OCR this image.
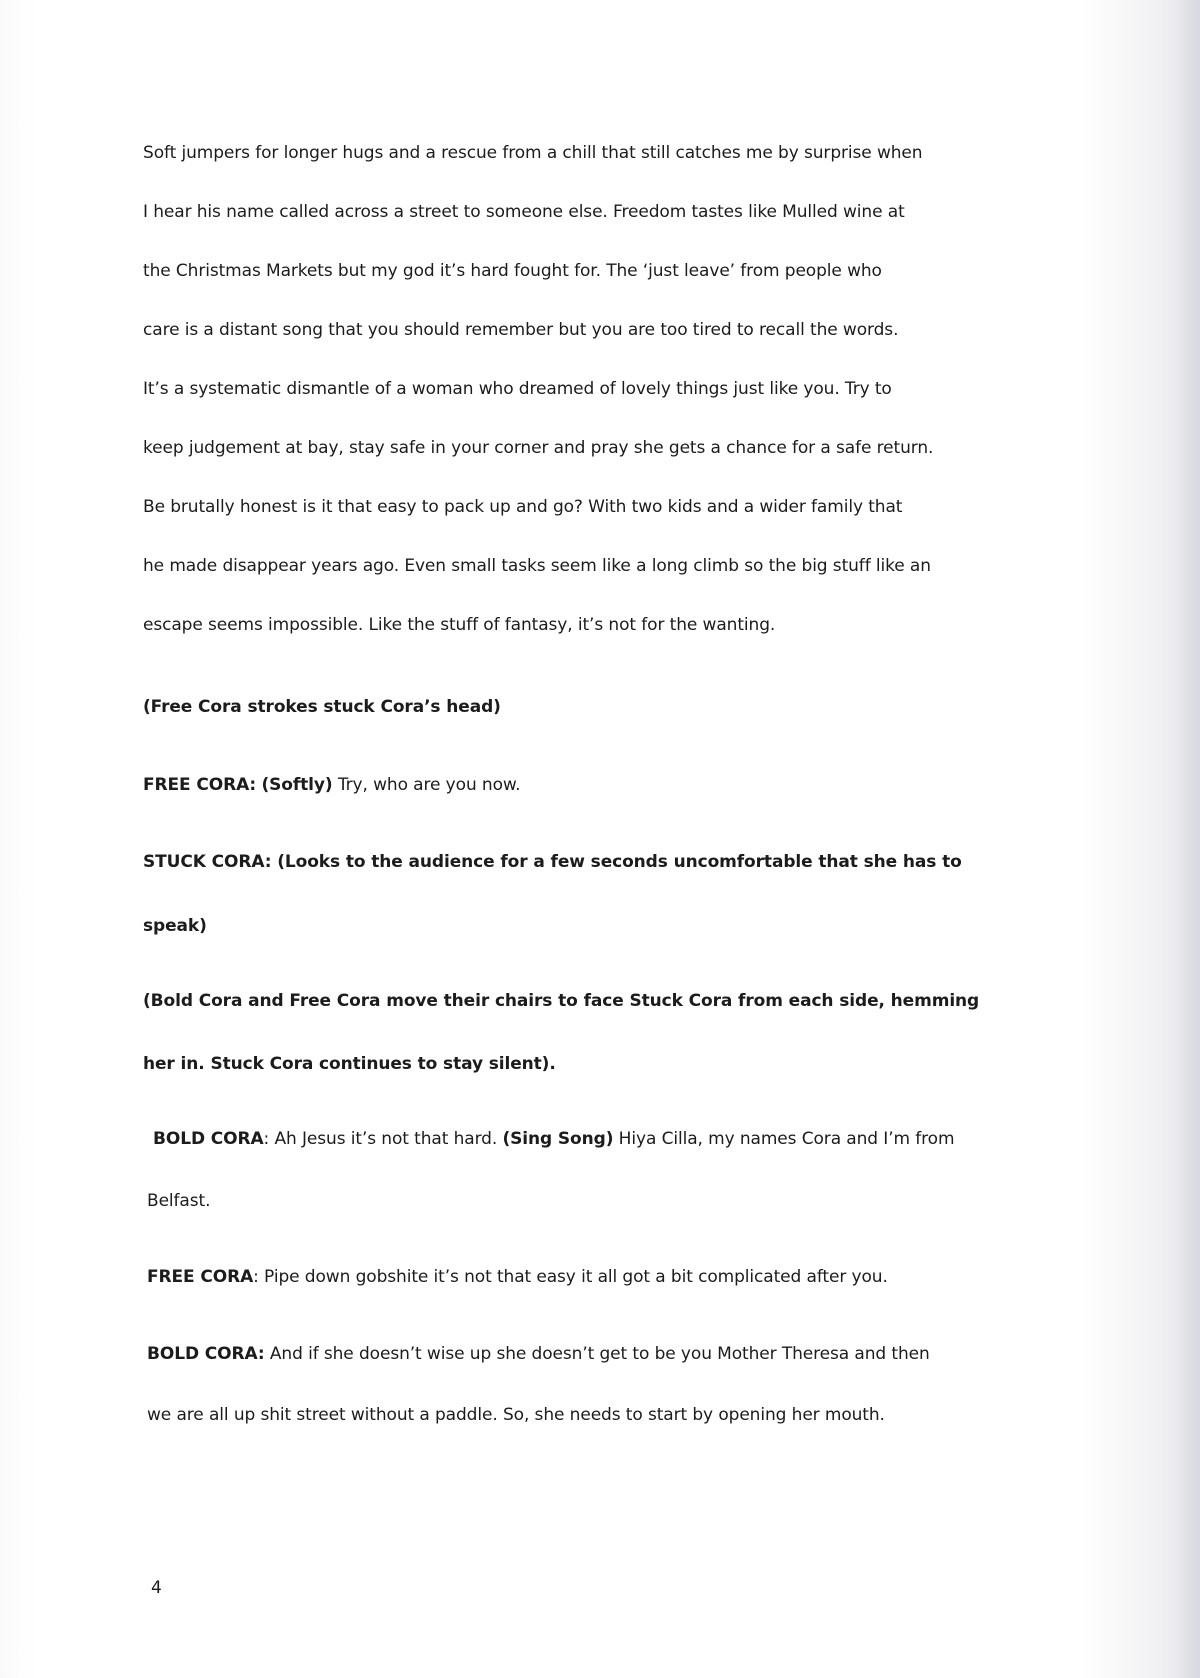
Soft jumpers for longer hugs and a rescue from a chill that still catches me by surprise when
I hear his name called across a street to someone else. Freedom tastes like Mulled wine at
the Christmas Markets but my god it’s hard fought for. The ‘just leave’ from people who
care is a distant song that you should remember but you are too tired to recall the words.
It’s a systematic dismantle of a woman who dreamed of lovely things just like you. Try to
keep judgement at bay, stay safe in your corner and pray she gets a chance for a safe return.
Be brutally honest is it that easy to pack up and go? With two kids and a wider family that
he made disappear years ago. Even small tasks seem like a long climb so the big stuff like an
escape seems impossible. Like the stuff of fantasy, it’s not for the wanting.
(Free Cora strokes stuck Cora’s head)
FREE CORA: (Softly) Try, who are you now.
STUCK CORA: (Looks to the audience for a few seconds uncomfortable that she has to
speak)
(Bold Cora and Free Cora move their chairs to face Stuck Cora from each side, hemming
her in. Stuck Cora continues to stay silent).
BOLD CORA: Ah Jesus it’s not that hard. (Sing Song) Hiya Cilla, my names Cora and I’m from
Belfast.
FREE CORA: Pipe down gobshite it’s not that easy it all got a bit complicated after you.
BOLD CORA: And if she doesn’t wise up she doesn’t get to be you Mother Theresa and then
we are all up shit street without a paddle. So, she needs to start by opening her mouth.
4
